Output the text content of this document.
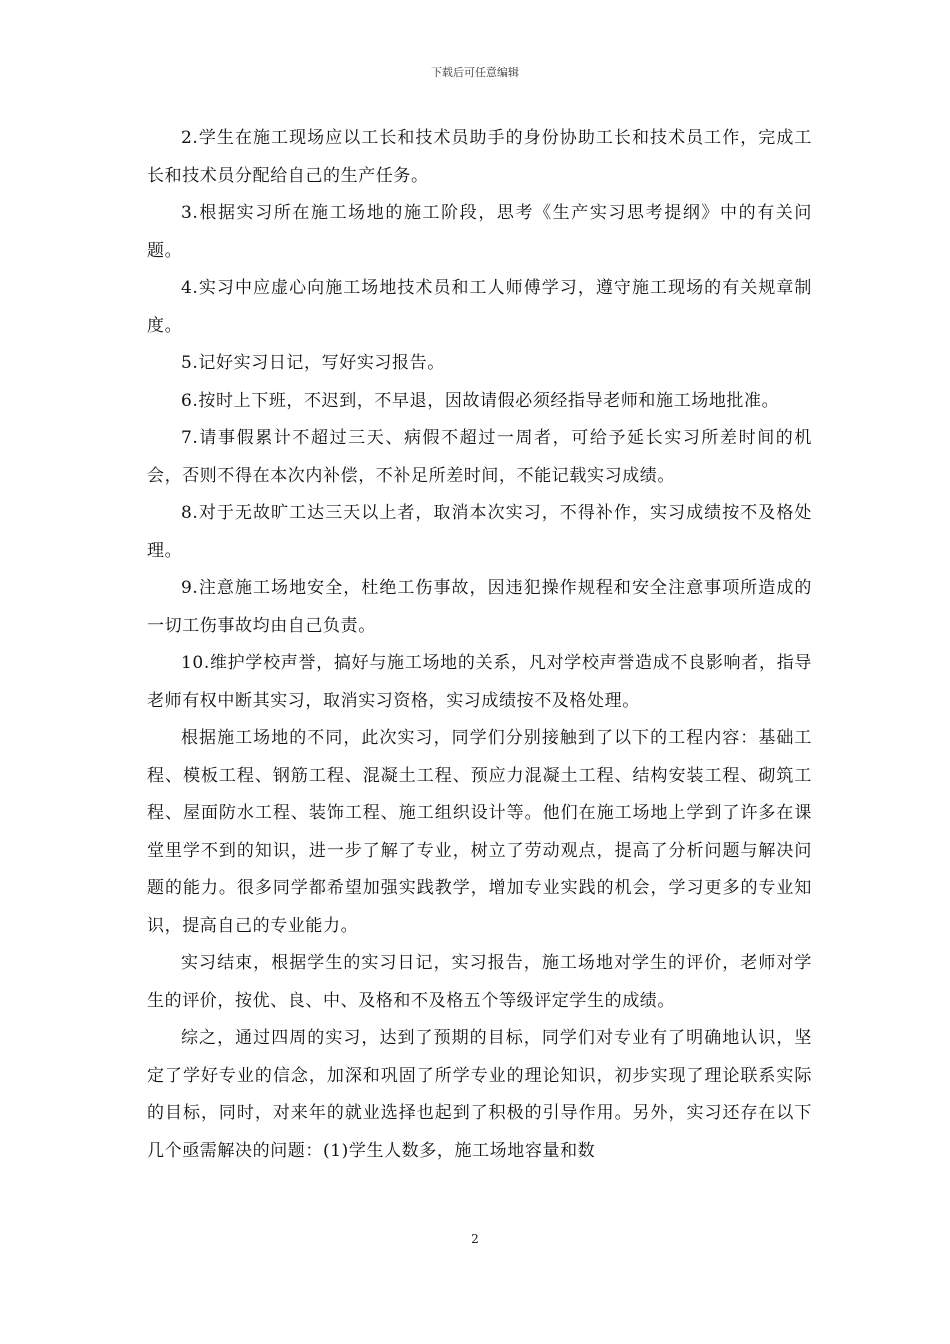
下载后可任意编辑

2.学生在施工现场应以工长和技术员助手的身份协助工长和技术员工作，完成工长和技术员分配给自己的生产任务。

3.根据实习所在施工场地的施工阶段，思考《生产实习思考提纲》中的有关问题。

4.实习中应虚心向施工场地技术员和工人师傅学习，遵守施工现场的有关规章制度。

5.记好实习日记，写好实习报告。

6.按时上下班，不迟到，不早退，因故请假必须经指导老师和施工场地批准。

7.请事假累计不超过三天、病假不超过一周者，可给予延长实习所差时间的机会，否则不得在本次内补偿，不补足所差时间，不能记载实习成绩。

8.对于无故旷工达三天以上者，取消本次实习，不得补作，实习成绩按不及格处理。

9.注意施工场地安全，杜绝工伤事故，因违犯操作规程和安全注意事项所造成的一切工伤事故均由自己负责。

10.维护学校声誉，搞好与施工场地的关系，凡对学校声誉造成不良影响者，指导老师有权中断其实习，取消实习资格，实习成绩按不及格处理。

根据施工场地的不同，此次实习，同学们分别接触到了以下的工程内容：基础工程、模板工程、钢筋工程、混凝土工程、预应力混凝土工程、结构安装工程、砌筑工程、屋面防水工程、装饰工程、施工组织设计等。他们在施工场地上学到了许多在课堂里学不到的知识，进一步了解了专业，树立了劳动观点，提高了分析问题与解决问题的能力。很多同学都希望加强实践教学，增加专业实践的机会，学习更多的专业知识，提高自己的专业能力。

实习结束，根据学生的实习日记，实习报告，施工场地对学生的评价，老师对学生的评价，按优、良、中、及格和不及格五个等级评定学生的成绩。

综之，通过四周的实习，达到了预期的目标，同学们对专业有了明确地认识，坚定了学好专业的信念，加深和巩固了所学专业的理论知识，初步实现了理论联系实际的目标，同时，对来年的就业选择也起到了积极的引导作用。另外，实习还存在以下几个亟需解决的问题：(1)学生人数多，施工场地容量和数

2
